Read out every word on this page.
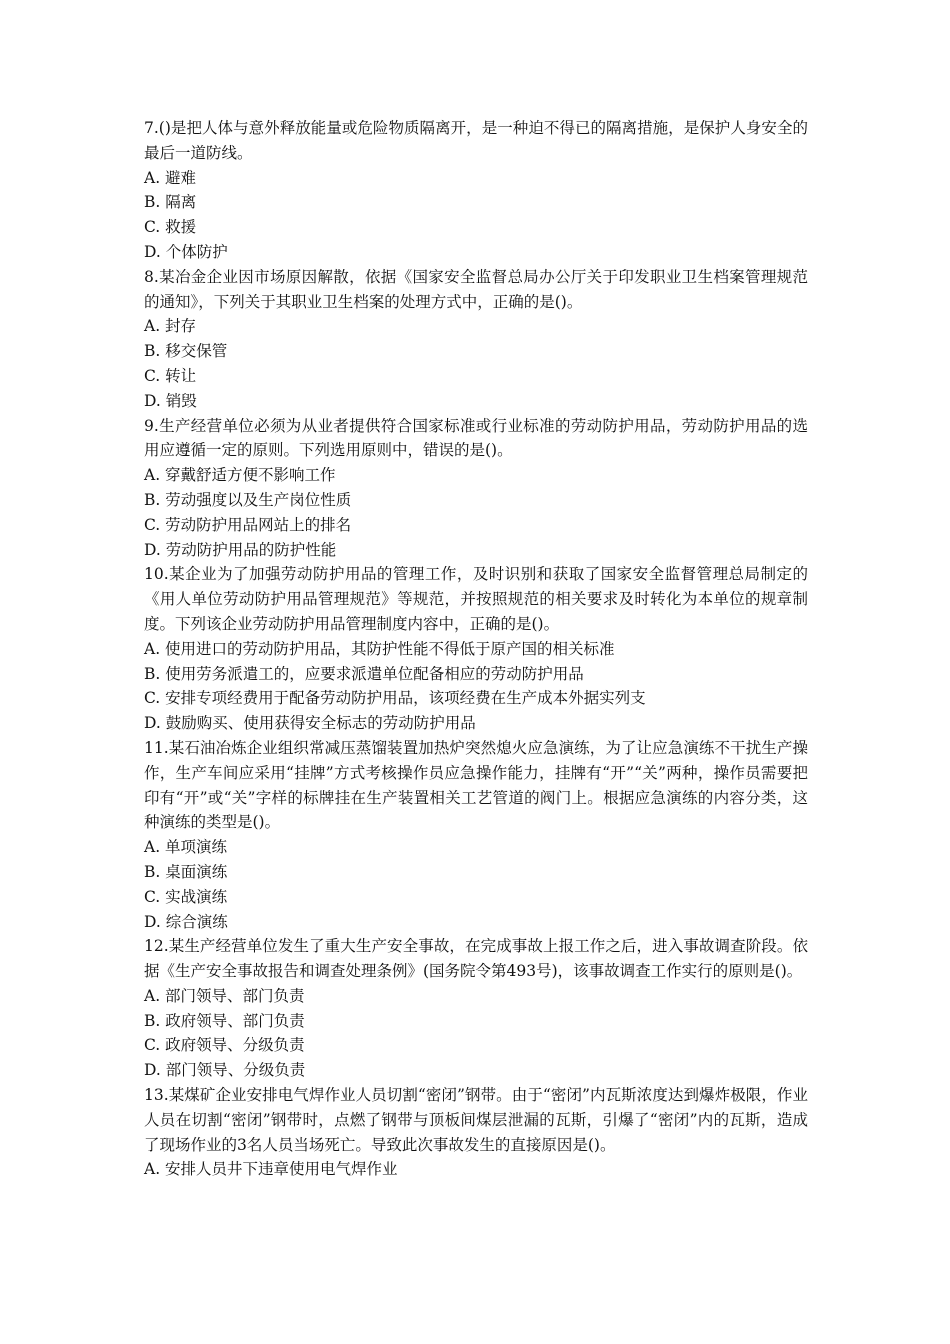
7.()是把人体与意外释放能量或危险物质隔离开，是一种迫不得已的隔离措施，是保护人身安全的最后一道防线。

A. 避难

B. 隔离

C. 救援

D. 个体防护

8.某冶金企业因市场原因解散，依据《国家安全监督总局办公厅关于印发职业卫生档案管理规范的通知》，下列关于其职业卫生档案的处理方式中，正确的是()。

A. 封存

B. 移交保管

C. 转让

D. 销毁

9.生产经营单位必须为从业者提供符合国家标准或行业标准的劳动防护用品，劳动防护用品的选用应遵循一定的原则。下列选用原则中，错误的是()。

A. 穿戴舒适方便不影响工作

B. 劳动强度以及生产岗位性质

C. 劳动防护用品网站上的排名

D. 劳动防护用品的防护性能

10.某企业为了加强劳动防护用品的管理工作，及时识别和获取了国家安全监督管理总局制定的《用人单位劳动防护用品管理规范》等规范，并按照规范的相关要求及时转化为本单位的规章制度。下列该企业劳动防护用品管理制度内容中，正确的是()。

A. 使用进口的劳动防护用品，其防护性能不得低于原产国的相关标准

B. 使用劳务派遣工的，应要求派遣单位配备相应的劳动防护用品

C. 安排专项经费用于配备劳动防护用品，该项经费在生产成本外据实列支

D. 鼓励购买、使用获得安全标志的劳动防护用品

11.某石油冶炼企业组织常减压蒸馏装置加热炉突然熄火应急演练，为了让应急演练不干扰生产操作，生产车间应采用“挂牌”方式考核操作员应急操作能力，挂牌有“开”“关”两种，操作员需要把印有“开”或“关”字样的标牌挂在生产装置相关工艺管道的阀门上。根据应急演练的内容分类，这种演练的类型是()。

A. 单项演练

B. 桌面演练

C. 实战演练

D. 综合演练

12.某生产经营单位发生了重大生产安全事故，在完成事故上报工作之后，进入事故调查阶段。依据《生产安全事故报告和调查处理条例》(国务院令第493号)，该事故调查工作实行的原则是()。

A. 部门领导、部门负责

B. 政府领导、部门负责

C. 政府领导、分级负责

D. 部门领导、分级负责

13.某煤矿企业安排电气焊作业人员切割“密闭”钢带。由于“密闭”内瓦斯浓度达到爆炸极限，作业人员在切割“密闭”钢带时，点燃了钢带与顶板间煤层泄漏的瓦斯，引爆了“密闭”内的瓦斯，造成了现场作业的3名人员当场死亡。导致此次事故发生的直接原因是()。

A. 安排人员井下违章使用电气焊作业
